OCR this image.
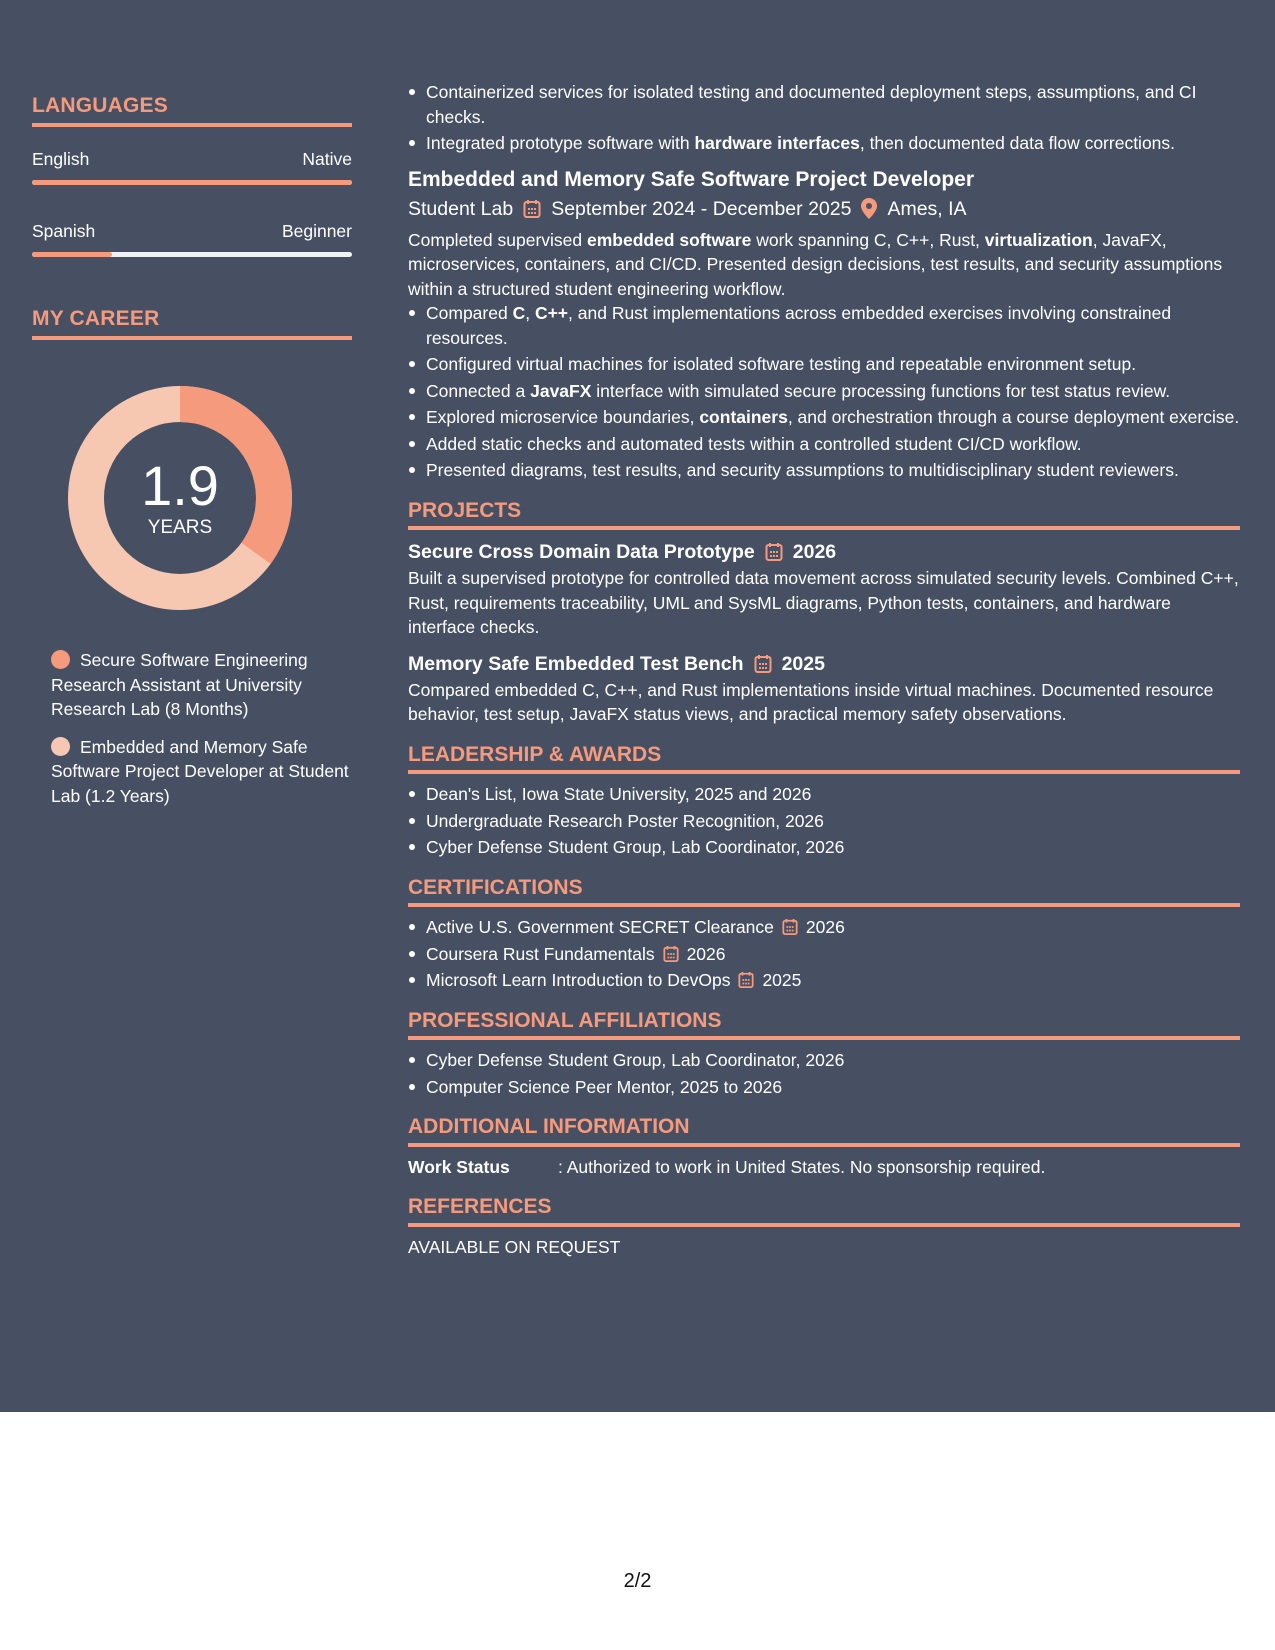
LANGUAGES
English	Native
Spanish	Beginner
MY CAREER
1.9
YEARS
Secure Software Engineering Research Assistant at University Research Lab (8 Months)
Embedded and Memory Safe Software Project Developer at Student Lab (1.2 Years)
Containerized services for isolated testing and documented deployment steps, assumptions, and CI checks.
Integrated prototype software with hardware interfaces, then documented data flow corrections.
Embedded and Memory Safe Software Project Developer
Student Lab September 2024 - December 2025 Ames, IA

Completed supervised embedded software work spanning C, C++, Rust, virtualization, JavaFX, microservices, containers, and CI/CD. Presented design decisions, test results, and security assumptions within a structured student engineering workflow.

Compared C, C++, and Rust implementations across embedded exercises involving constrained resources.
Configured virtual machines for isolated software testing and repeatable environment setup.
Connected a JavaFX interface with simulated secure processing functions for test status review.
Explored microservice boundaries, containers, and orchestration through a course deployment exercise.
Added static checks and automated tests within a controlled student CI/CD workflow.
Presented diagrams, test results, and security assumptions to multidisciplinary student reviewers.
PROJECTS
Secure Cross Domain Data Prototype 2026

Built a supervised prototype for controlled data movement across simulated security levels. Combined C++, Rust, requirements traceability, UML and SysML diagrams, Python tests, containers, and hardware interface checks.

Memory Safe Embedded Test Bench 2025

Compared embedded C, C++, and Rust implementations inside virtual machines. Documented resource behavior, test setup, JavaFX status views, and practical memory safety observations.

LEADERSHIP & AWARDS
Dean's List, Iowa State University, 2025 and 2026
Undergraduate Research Poster Recognition, 2026
Cyber Defense Student Group, Lab Coordinator, 2026
CERTIFICATIONS
Active U.S. Government SECRET Clearance 2026
Coursera Rust Fundamentals 2026
Microsoft Learn Introduction to DevOps 2025
PROFESSIONAL AFFILIATIONS
Cyber Defense Student Group, Lab Coordinator, 2026
Computer Science Peer Mentor, 2025 to 2026
ADDITIONAL INFORMATION
Work Status	: Authorized to work in United States. No sponsorship required.
REFERENCES

AVAILABLE ON REQUEST

2/2
